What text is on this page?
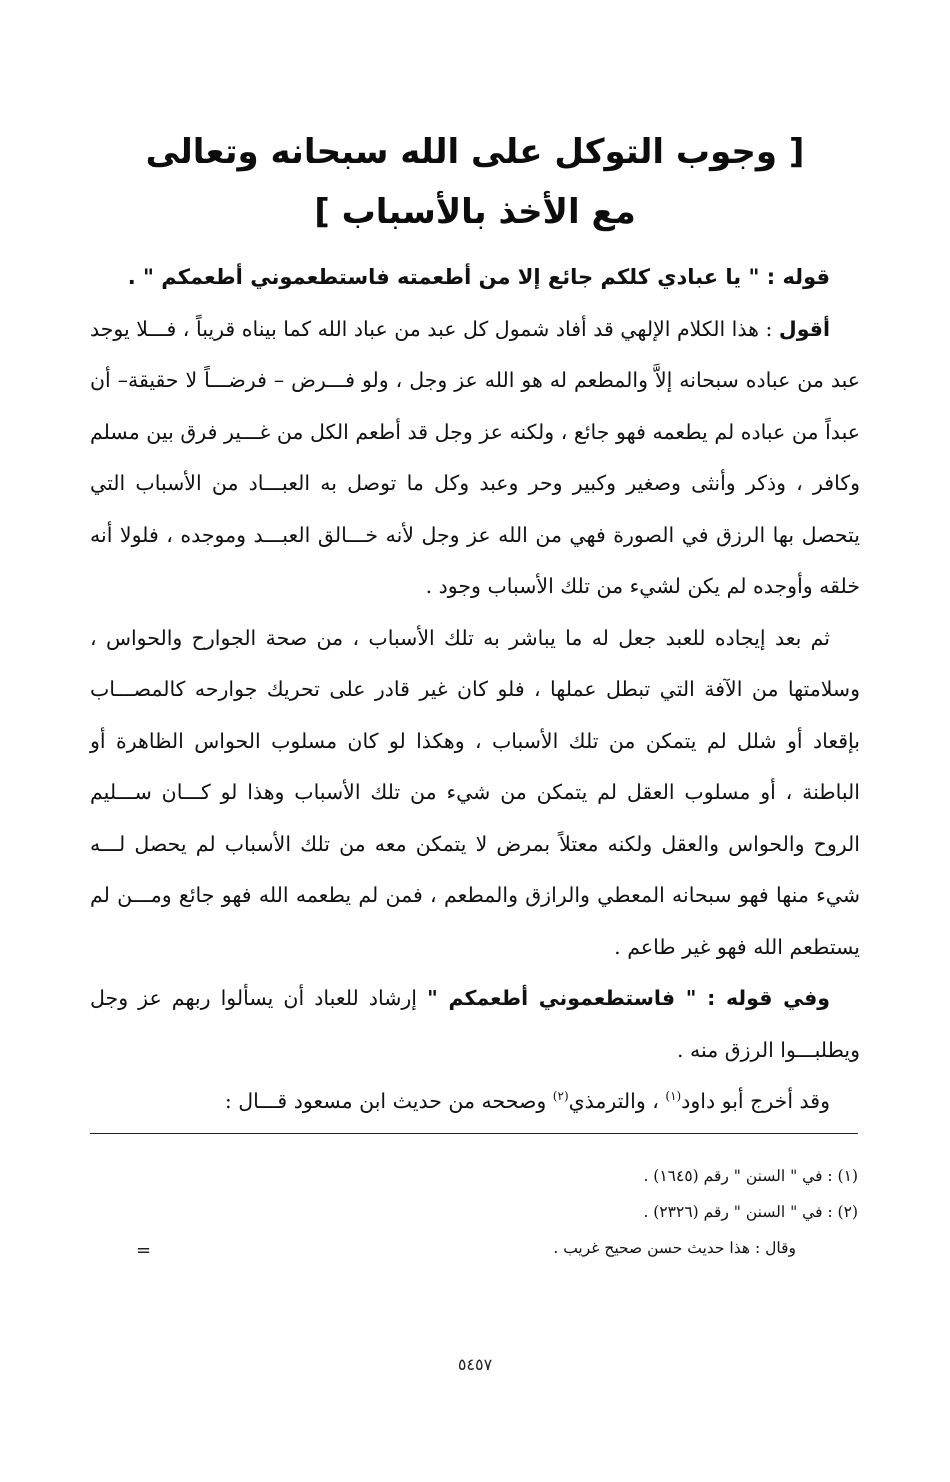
[ وجوب التوكل على الله سبحانه وتعالى
مع الأخذ بالأسباب ]

قوله : " يا عبادي كلكم جائع إلا من أطعمته فاستطعموني أطعمكم " .

أقول : هذا الكلام الإلهي قد أفاد شمول كل عبد من عباد الله كما بيناه قريباً ، فـــلا يوجد عبد من عباده سبحانه إلاَّ والمطعم له هو الله عز وجل ، ولو فـــرض – فرضـــاً لا حقيقة– أن عبداً من عباده لم يطعمه فهو جائع ، ولكنه عز وجل قد أطعم الكل من غـــير فرق بين مسلم وكافر ، وذكر وأنثى وصغير وكبير وحر وعبد وكل ما توصل به العبـــاد من الأسباب التي يتحصل بها الرزق في الصورة فهي من الله عز وجل لأنه خـــالق العبـــد وموجده ، فلولا أنه خلقه وأوجده لم يكن لشيء من تلك الأسباب وجود .

ثم بعد إيجاده للعبد جعل له ما يباشر به تلك الأسباب ، من صحة الجوارح والحواس ، وسلامتها من الآفة التي تبطل عملها ، فلو كان غير قادر على تحريك جوارحه كالمصـــاب بإقعاد أو شلل لم يتمكن من تلك الأسباب ، وهكذا لو كان مسلوب الحواس الظاهرة أو الباطنة ، أو مسلوب العقل لم يتمكن من شيء من تلك الأسباب وهذا لو كـــان ســـليم الروح والحواس والعقل ولكنه معتلاً بمرض لا يتمكن معه من تلك الأسباب لم يحصل لـــه شيء منها فهو سبحانه المعطي والرازق والمطعم ، فمن لم يطعمه الله فهو جائع ومـــن لم يستطعم الله فهو غير طاعم .

وفي قوله : " فاستطعموني أطعمكم " إرشاد للعباد أن يسألوا ربهم عز وجل ويطلبـــوا الرزق منه .

وقد أخرج أبو داود$^{(١)}$ ، والترمذي$^{(٢)}$ وصححه من حديث ابن مسعود قـــال :

(١) : في " السنن " رقم (١٦٤٥) .
(٢) : في " السنن " رقم (٢٣٢٦) .
وقال : هذا حديث حسن صحيح غريب .
=
٥٤٥٧
